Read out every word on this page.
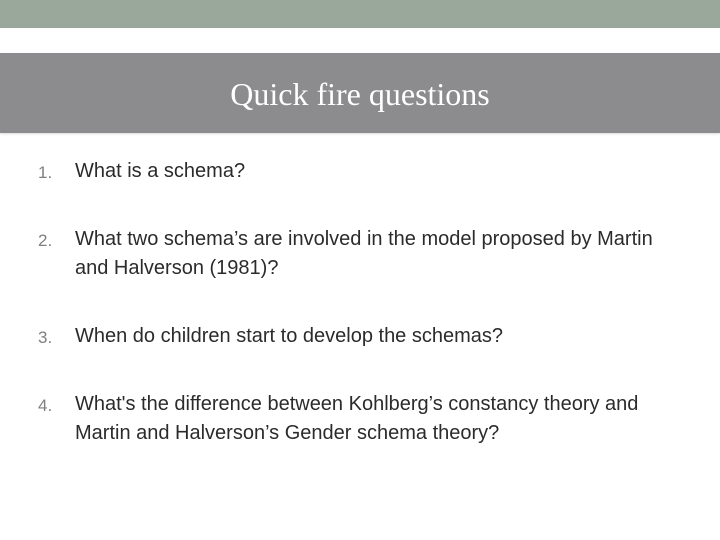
Quick fire questions
1. What is a schema?
2. What two schema’s are involved in the model proposed by Martin and Halverson (1981)?
3. When do children start to develop the schemas?
4. What's the difference between Kohlberg’s constancy theory and Martin and Halverson’s Gender schema theory?
